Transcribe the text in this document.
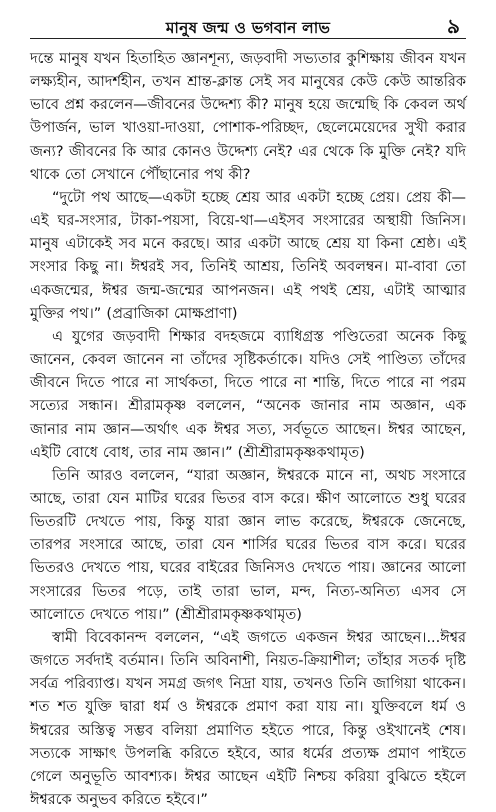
মানুষ জন্ম ও ভগবান লাভ	৯

দন্তে মানুষ যখন হিতাহিত জ্ঞানশূন্য, জড়বাদী সভ্যতার কুশিক্ষায় জীবন যখন লক্ষ্যহীন, আদর্শহীন, তখন শ্রান্ত-ক্লান্ত সেই সব মানুষের কেউ কেউ আন্তরিক ভাবে প্রশ্ন করলেন—জীবনের উদ্দেশ্য কী? মানুষ হয়ে জন্মেছি কি কেবল অর্থ উপার্জন, ভাল খাওয়া-দাওয়া, পোশাক-পরিচ্ছদ, ছেলেমেয়েদের সুখী করার জন্য? জীবনের কি আর কোনও উদ্দেশ্য নেই? এর থেকে কি মুক্তি নেই? যদি থাকে তো সেখানে পৌঁছানোর পথ কী?

“দুটো পথ আছে—একটা হচ্ছে শ্রেয় আর একটা হচ্ছে প্রেয়। প্রেয় কী—এই ঘর-সংসার, টাকা-পয়সা, বিয়ে-থা—এইসব সংসারের অস্থায়ী জিনিস। মানুষ এটাকেই সব মনে করছে। আর একটা আছে শ্রেয় যা কিনা শ্রেষ্ঠ। এই সংসার কিছু না। ঈশ্বরই সব, তিনিই আশ্রয়, তিনিই অবলম্বন। মা-বাবা তো একজন্মের, ঈশ্বর জন্ম-জন্মের আপনজন। এই পথই শ্রেয়, এটাই আত্মার মুক্তির পথ।” (প্রব্রাজিকা মোক্ষপ্রাণা)

এ যুগের জড়বাদী শিক্ষার বদহজমে ব্যাধিগ্রস্ত পণ্ডিতেরা অনেক কিছু জানেন, কেবল জানেন না তাঁদের সৃষ্টিকর্তাকে। যদিও সেই পাণ্ডিত্য তাঁদের জীবনে দিতে পারে না সার্থকতা, দিতে পারে না শান্তি, দিতে পারে না পরম সত্যের সন্ধান। শ্রীরামকৃষ্ণ বললেন, “অনেক জানার নাম অজ্ঞান, এক জানার নাম জ্ঞান—অর্থাৎ এক ঈশ্বর সত্য, সর্বভূতে আছেন। ঈশ্বর আছেন, এইটি বোধে বোধ, তার নাম জ্ঞান।” (শ্রীশ্রীরামকৃষ্ণকথামৃত)

তিনি আরও বললেন, “যারা অজ্ঞান, ঈশ্বরকে মানে না, অথচ সংসারে আছে, তারা যেন মাটির ঘরের ভিতর বাস করে। ক্ষীণ আলোতে শুধু ঘরের ভিতরটি দেখতে পায়, কিন্তু যারা জ্ঞান লাভ করেছে, ঈশ্বরকে জেনেছে, তারপর সংসারে আছে, তারা যেন শার্সির ঘরের ভিতর বাস করে। ঘরের ভিতরও দেখতে পায়, ঘরের বাইরের জিনিসও দেখতে পায়। জ্ঞানের আলো সংসারের ভিতর পড়ে, তাই তারা ভাল, মন্দ, নিত্য-অনিত্য এসব সে আলোতে দেখতে পায়।” (শ্রীশ্রীরামকৃষ্ণকথামৃত)

স্বামী বিবেকানন্দ বললেন, “এই জগতে একজন ঈশ্বর আছেন।...ঈশ্বর জগতে সর্বদাই বর্তমান। তিনি অবিনাশী, নিয়ত-ক্রিয়াশীল; তাঁহার সতর্ক দৃষ্টি সর্বত্র পরিব্যাপ্ত। যখন সমগ্র জগৎ নিদ্রা যায়, তখনও তিনি জাগিয়া থাকেন। শত শত যুক্তি দ্বারা ধর্ম ও ঈশ্বরকে প্রমাণ করা যায় না। যুক্তিবলে ধর্ম ও ঈশ্বরের অস্তিত্ব সম্ভব বলিয়া প্রমাণিত হইতে পারে, কিন্তু ওইখানেই শেষ। সত্যকে সাক্ষাৎ উপলব্ধি করিতে হইবে, আর ধর্মের প্রত্যক্ষ প্রমাণ পাইতে গেলে অনুভূতি আবশ্যক। ঈশ্বর আছেন এইটি নিশ্চয় করিয়া বুঝিতে হইলে ঈশ্বরকে অনুভব করিতে হইবে।”
